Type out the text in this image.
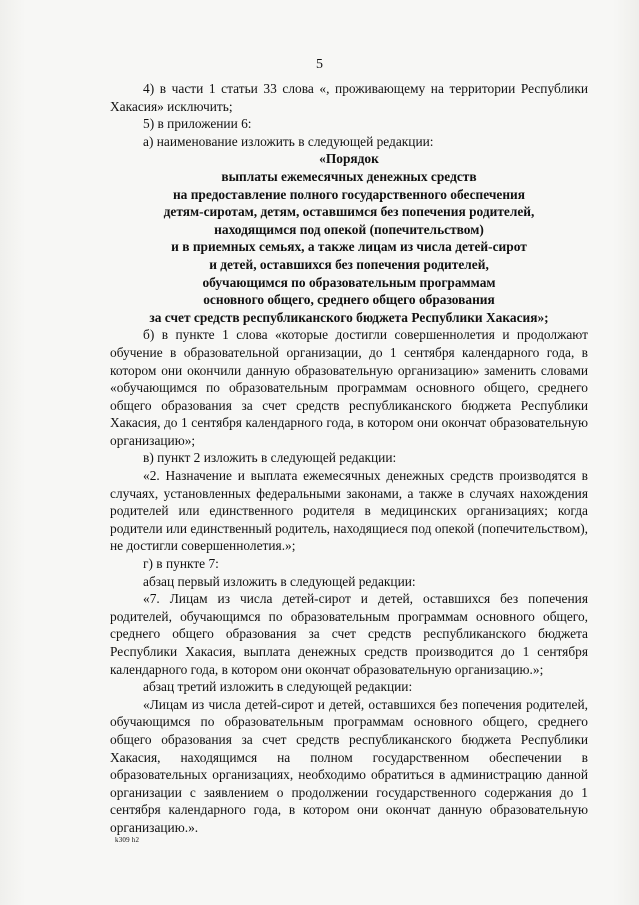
5

4) в части 1 статьи 33 слова «, проживающему на территории Республики Хакасия» исключить;

5) в приложении 6:

а) наименование изложить в следующей редакции:

«Порядок

выплаты ежемесячных денежных средств

на предоставление полного государственного обеспечения

детям-сиротам, детям, оставшимся без попечения родителей,

находящимся под опекой (попечительством)

и в приемных семьях, а также лицам из числа детей-сирот

и детей, оставшихся без попечения родителей,

обучающимся по образовательным программам

основного общего, среднего общего образования

за счет средств республиканского бюджета Республики Хакасия»;

б) в пункте 1 слова «которые достигли совершеннолетия и продолжают обучение в образовательной организации, до 1 сентября календарного года, в котором они окончили данную образовательную организацию» заменить словами «обучающимся по образовательным программам основного общего, среднего общего образования за счет средств республиканского бюджета Республики Хакасия, до 1 сентября календарного года, в котором они окончат образовательную организацию»;

в) пункт 2 изложить в следующей редакции:

«2. Назначение и выплата ежемесячных денежных средств производятся в случаях, установленных федеральными законами, а также в случаях нахождения родителей или единственного родителя в медицинских организациях; когда родители или единственный родитель, находящиеся под опекой (попечительством), не достигли совершеннолетия.»;

г) в пункте 7:

абзац первый изложить в следующей редакции:

«7. Лицам из числа детей-сирот и детей, оставшихся без попечения родителей, обучающимся по образовательным программам основного общего, среднего общего образования за счет средств республиканского бюджета Республики Хакасия, выплата денежных средств производится до 1 сентября календарного года, в котором они окончат образовательную организацию.»;

абзац третий изложить в следующей редакции:

«Лицам из числа детей-сирот и детей, оставшихся без попечения родителей, обучающимся по образовательным программам основного общего, среднего общего образования за счет средств республиканского бюджета Республики Хакасия, находящимся на полном государственном обеспечении в образовательных организациях, необходимо обратиться в администрацию данной организации с заявлением о продолжении государственного содержания до 1 сентября календарного года, в котором они окончат данную образовательную организацию.».

k309 h2
